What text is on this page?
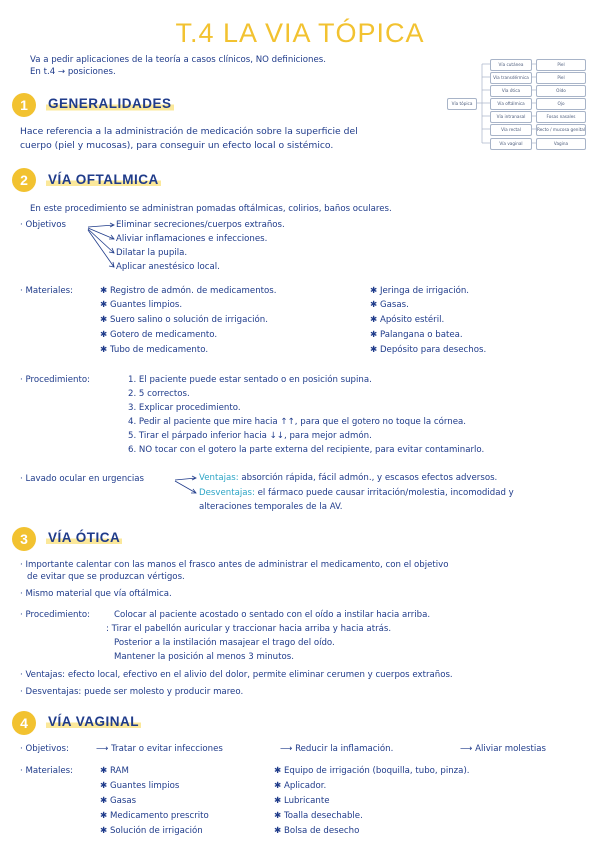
T.4 LA VIA TÓPICA
Va a pedir aplicaciones de la teoría a casos clínicos, NO definiciones.
En t.4 → posiciones.
Vía tópica
Vía cutánea	Piel
Vía transdérmica	Piel
Vía ótica	Oído
Vía oftálmica	Ojo
Vía intranasal	Fosas nasales
Vía rectal	Recto / mucosa genital
Vía vaginal	Vagina
1	GENERALIDADES
Hace referencia a la administración de medicación sobre la superficie del
cuerpo (piel y mucosas), para conseguir un efecto local o sistémico.
2	VÍA OFTALMICA
En este procedimiento se administran pomadas oftálmicas, colirios, baños oculares.
· Objetivos	Eliminar secreciones/cuerpos extraños.
Aliviar inflamaciones e infecciones.
Dilatar la pupila.
Aplicar anestésico local.
· Materiales:	✱ Registro de admón. de medicamentos.
✱ Guantes limpios.
✱ Suero salino o solución de irrigación.
✱ Gotero de medicamento.
✱ Tubo de medicamento.
✱ Jeringa de irrigación.
✱ Gasas.
✱ Apósito estéril.
✱ Palangana o batea.
✱ Depósito para desechos.
· Procedimiento:	1. El paciente puede estar sentado o en posición supina.
2. 5 correctos.
3. Explicar procedimiento.
4. Pedir al paciente que mire hacia ↑↑, para que el gotero no toque la córnea.
5. Tirar el párpado inferior hacia ↓↓, para mejor admón.
6. NO tocar con el gotero la parte externa del recipiente, para evitar contaminarlo.
· Lavado ocular en urgencias	Ventajas: absorción rápida, fácil admón., y escasos efectos adversos.
Desventajas: el fármaco puede causar irritación/molestia, incomodidad y
alteraciones temporales de la AV.
3	VÍA ÓTICA
· Importante calentar con las manos el frasco antes de administrar el medicamento, con el objetivo
de evitar que se produzcan vértigos.
· Mismo material que vía oftálmica.
· Procedimiento:	Colocar al paciente acostado o sentado con el oído a instilar hacia arriba.
: Tirar el pabellón auricular y traccionar hacia arriba y hacia atrás.
Posterior a la instilación masajear el trago del oído.
Mantener la posición al menos 3 minutos.
· Ventajas: efecto local, efectivo en el alivio del dolor, permite eliminar cerumen y cuerpos extraños.
· Desventajas: puede ser molesto y producir mareo.
4	VÍA VAGINAL
· Objetivos:	⟶ Tratar o evitar infecciones	⟶ Reducir la inflamación.	⟶ Aliviar molestias
· Materiales:	✱ RAM
✱ Guantes limpios
✱ Gasas
✱ Medicamento prescrito
✱ Solución de irrigación
✱ Equipo de irrigación (boquilla, tubo, pinza).
✱ Aplicador.
✱ Lubricante
✱ Toalla desechable.
✱ Bolsa de desecho
